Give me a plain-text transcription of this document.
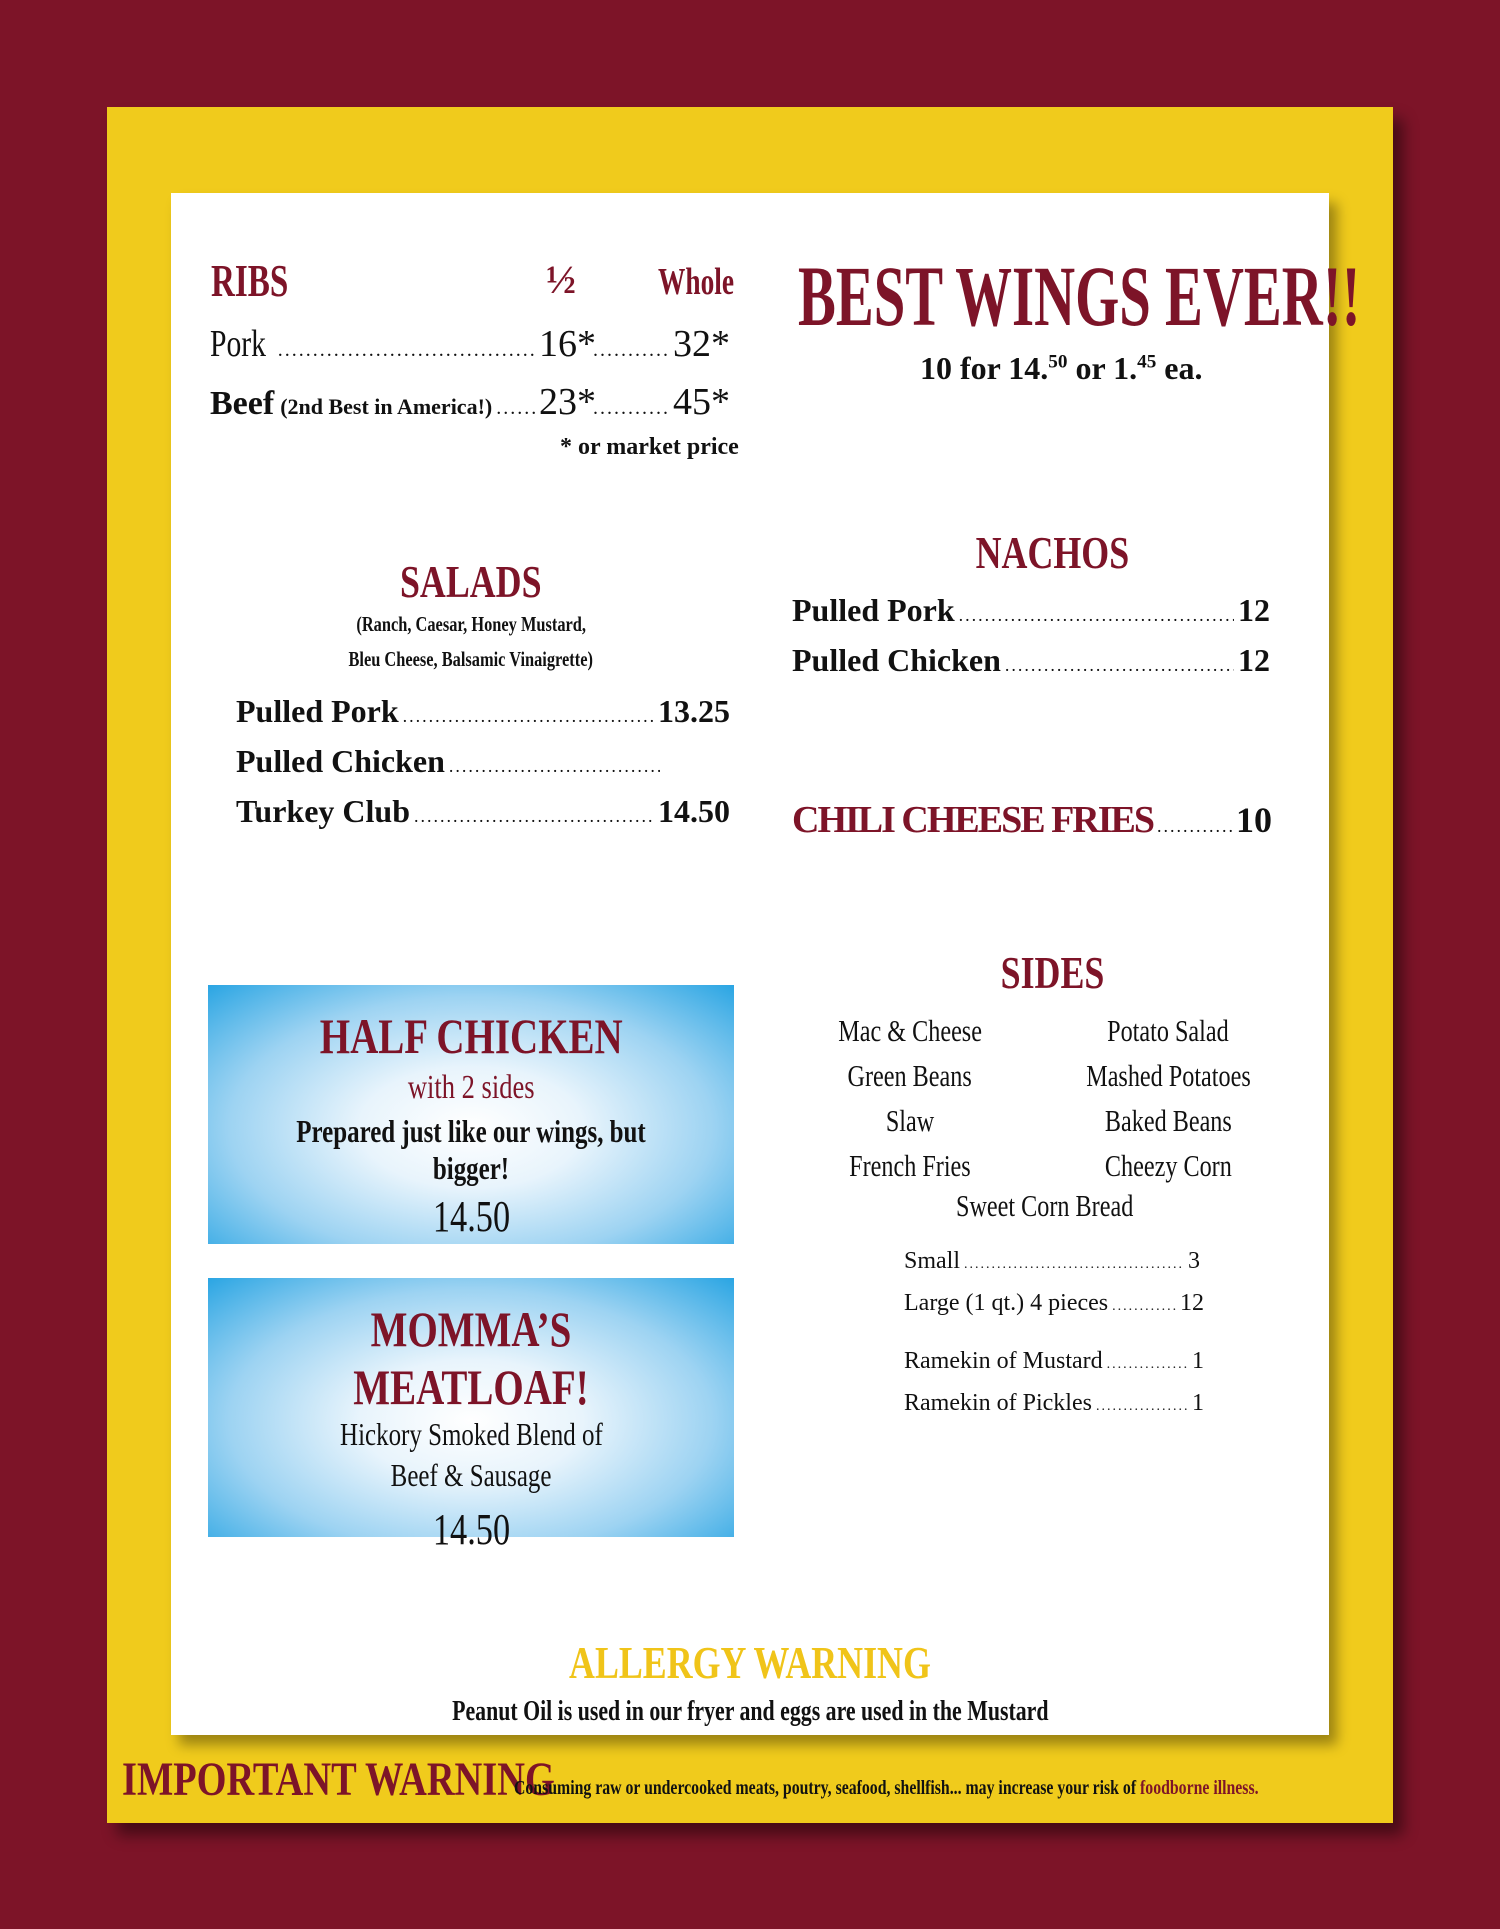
RIBS	½ Whole
Pork .....	16* ..... 32*
Beef (2nd Best in America!) ..... 23* ..... 45*
* or market price
BEST WINGS EVER!!
10 for 14.50 or 1.45 ea.
SALADS
(Ranch, Caesar, Honey Mustard,
Bleu Cheese, Balsamic Vinaigrette)
Pulled Pork .....	13.25
Pulled Chicken
.....
Turkey Club .....	14.50
NACHOS
Pulled Pork .....	12
Pulled Chicken .....	12
CHILI CHEESE FRIES ..... 10
HALF CHICKEN
with 2 sides
Prepared just like our wings, but bigger!
14.50
MOMMA’S MEATLOAF!
Hickory Smoked Blend of
Beef & Sausage
14.50
SIDES
Mac & Cheese
Green Beans
Slaw
French Fries
Potato Salad
Mashed Potatoes
Baked Beans
Cheezy Corn
Sweet Corn Bread
Small .....	3
Large (1 qt.) 4 pieces .....	12
Ramekin of Mustard .....	1
Ramekin of Pickles .....	1
ALLERGY WARNING
Peanut Oil is used in our fryer and eggs are used in the Mustard
IMPORTANT WARNING
Consuming raw or undercooked meats, poutry, seafood, shellfish... may increase your risk of foodborne illness.
